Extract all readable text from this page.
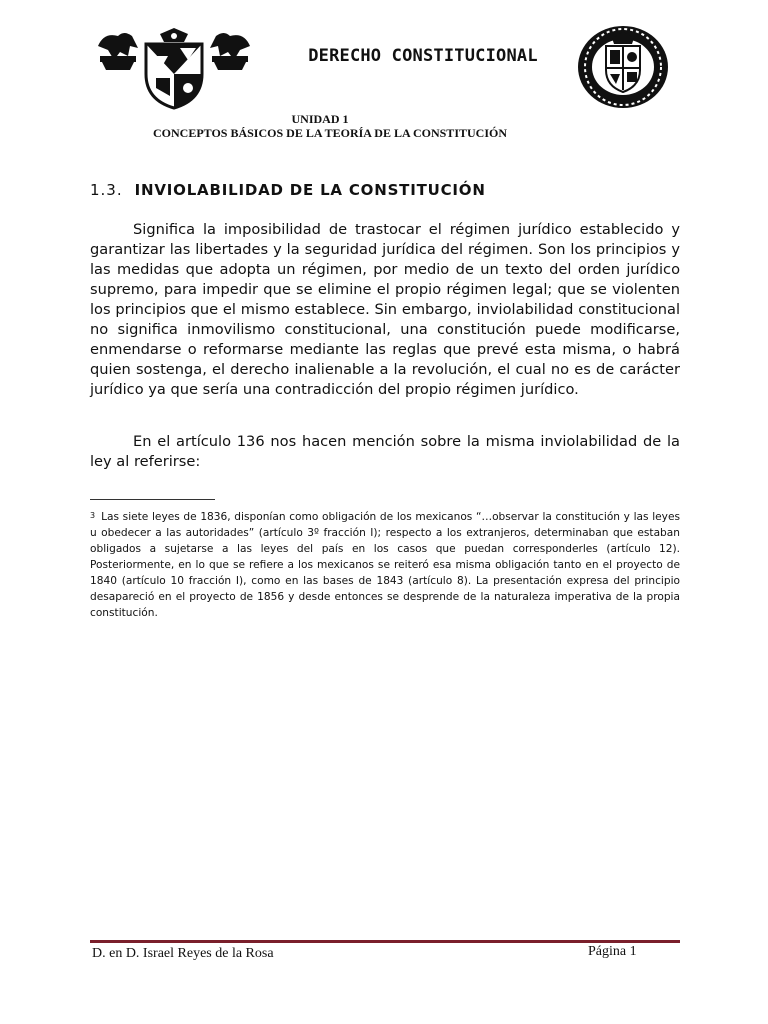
DERECHO CONSTITUCIONAL
UNIDAD 1
CONCEPTOS BÁSICOS DE LA TEORÍA DE LA CONSTITUCIÓN
1.3. INVIOLABILIDAD DE LA CONSTITUCIÓN

Significa la imposibilidad de trastocar el régimen jurídico establecido y garantizar las libertades y la seguridad jurídica del régimen. Son los principios y las medidas que adopta un régimen, por medio de un texto del orden jurídico supremo, para impedir que se elimine el propio régimen legal; que se violenten los principios que el mismo establece. Sin embargo, inviolabilidad constitucional no significa inmovilismo constitucional, una constitución puede modificarse, enmendarse o reformarse mediante las reglas que prevé esta misma, o habrá quien sostenga, el derecho inalienable a la revolución, el cual no es de carácter jurídico ya que sería una contradicción del propio régimen jurídico.

En el artículo 136 nos hacen mención sobre la misma inviolabilidad de la ley al referirse:

$^3$ Las siete leyes de 1836, disponían como obligación de los mexicanos “…observar la constitución y las leyes u obedecer a las autoridades” (artículo 3º fracción I); respecto a los extranjeros, determinaban que estaban obligados a sujetarse a las leyes del país en los casos que puedan corresponderles (artículo 12). Posteriormente, en lo que se refiere a los mexicanos se reiteró esa misma obligación tanto en el proyecto de 1840 (artículo 10 fracción I), como en las bases de 1843 (artículo 8). La presentación expresa del principio desapareció en el proyecto de 1856 y desde entonces se desprende de la naturaleza imperativa de la propia constitución.

D. en D. Israel Reyes de la Rosa	Página 1
